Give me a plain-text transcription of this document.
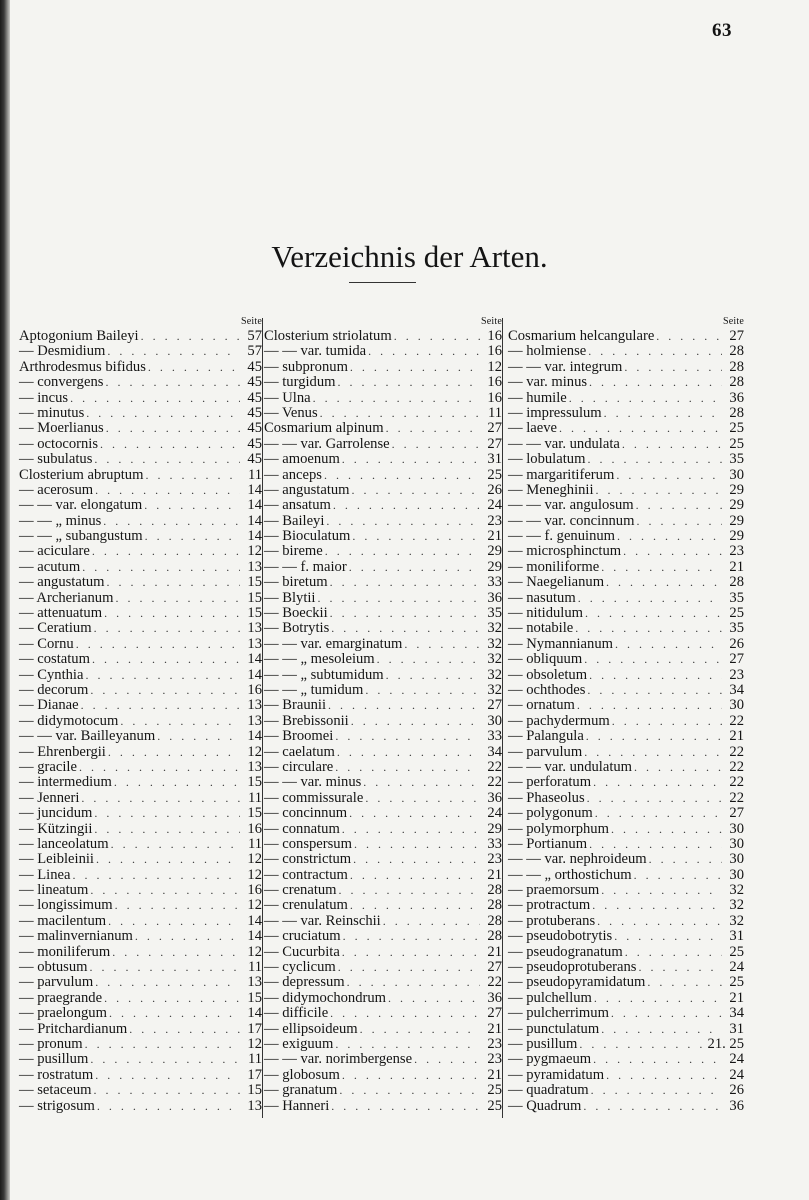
63
Verzeichnis der Arten.
Seite
Aptogonium Baileyi . . .	57
— Desmidium . . .	57
Arthrodesmus bifidus . . .	45
— convergens . . .	45
— incus . . .	45
— minutus . . .	45
— Moerlianus . . .	45
— octocornis . . .	45
— subulatus . . .	45
Closterium abruptum . . .	11
— acerosum . . .	14
— — var. elongatum . . .	14
— — „ minus . . .	14
— — „ subangustum . . .	14
— aciculare . . .	12
— acutum . . .	13
— angustatum . . .	15
— Archerianum . . .	15
— attenuatum . . .	15
— Ceratium . . .	13
— Cornu . . .	13
— costatum . . .	14
— Cynthia . . .	14
— decorum . . .	16
— Dianae . . .	13
— didymotocum . . .	13
— — var. Bailleyanum . . .	14
— Ehrenbergii . . .	12
— gracile . . .	13
— intermedium . . .	15
— Jenneri . . .	11
— juncidum . . .	15
— Kützingii . . .	16
— lanceolatum . . .	11
— Leibleinii . . .	12
— Linea . . .	12
— lineatum . . .	16
— longissimum . . .	12
— macilentum . . .	14
— malinvernianum . . .	14
— moniliferum . . .	12
— obtusum . . .	11
— parvulum . . .	13
— praegrande . . .	15
— praelongum . . .	14
— Pritchardianum . . .	17
— pronum . . .	12
— pusillum . . .	11
— rostratum . . .	17
— setaceum . . .	15
— strigosum . . .	13
Seite
Closterium striolatum . . .	16
— — var. tumida . . .	16
— subpronum . . .	12
— turgidum . . .	16
— Ulna . . .	16
— Venus . . .	11
Cosmarium alpinum . . .	27
— — var. Garrolense . . .	27
— amoenum . . .	31
— anceps . . .	25
— angustatum . . .	26
— ansatum . . .	24
— Baileyi . . .	23
— Bioculatum . . .	21
— bireme . . .	29
— — f. maior . . .	29
— biretum . . .	33
— Blytii . . .	36
— Boeckii . . .	35
— Botrytis . . .	32
— — var. emarginatum . . .	32
— — „ mesoleium . . .	32
— — „ subtumidum . . .	32
— — „ tumidum . . .	32
— Braunii . . .	27
— Brebissonii . . .	30
— Broomei . . .	33
— caelatum . . .	34
— circulare . . .	22
— — var. minus . . .	22
— commissurale . . .	36
— concinnum . . .	24
— connatum . . .	29
— conspersum . . .	33
— constrictum . . .	23
— contractum . . .	21
— crenatum . . .	28
— crenulatum . . .	28
— — var. Reinschii . . .	28
— cruciatum . . .	28
— Cucurbita . . .	21
— cyclicum . . .	27
— depressum . . .	22
— didymochondrum . . .	36
— difficile . . .	27
— ellipsoideum . . .	21
— exiguum . . .	23
— — var. norimbergense . . .	23
— globosum . . .	21
— granatum . . .	25
— Hanneri . . .	25
Seite
Cosmarium helcangulare . . .	27
— holmiense . . .	28
— — var. integrum . . .	28
— var. minus . . .	28
— humile . . .	36
— impressulum . . .	28
— laeve . . .	25
— — var. undulata . . .	25
— lobulatum . . .	35
— margaritiferum . . .	30
— Meneghinii . . .	29
— — var. angulosum . . .	29
— — var. concinnum . . .	29
— — f. genuinum . . .	29
— microsphinctum . . .	23
— moniliforme . . .	21
— Naegelianum . . .	28
— nasutum . . .	35
— nitidulum . . .	25
— notabile . . .	35
— Nymannianum . . .	26
— obliquum . . .	27
— obsoletum . . .	23
— ochthodes . . .	34
— ornatum . . .	30
— pachydermum . . .	22
— Palangula . . .	21
— parvulum . . .	22
— — var. undulatum . . .	22
— perforatum . . .	22
— Phaseolus . . .	22
— polygonum . . .	27
— polymorphum . . .	30
— Portianum . . .	30
— — var. nephroideum . . .	30
— — „ orthostichum . . .	30
— praemorsum . . .	32
— protractum . . .	32
— protuberans . . .	32
— pseudobotrytis . . .	31
— pseudogranatum . . .	25
— pseudoprotuberans . . .	24
— pseudopyramidatum . . .	25
— pulchellum . . .	21
— pulcherrimum . . .	34
— punctulatum . . .	31
— pusillum . . .	21. 25
— pygmaeum . . .	24
— pyramidatum . . .	24
— quadratum . . .	26
— Quadrum . . .	36
